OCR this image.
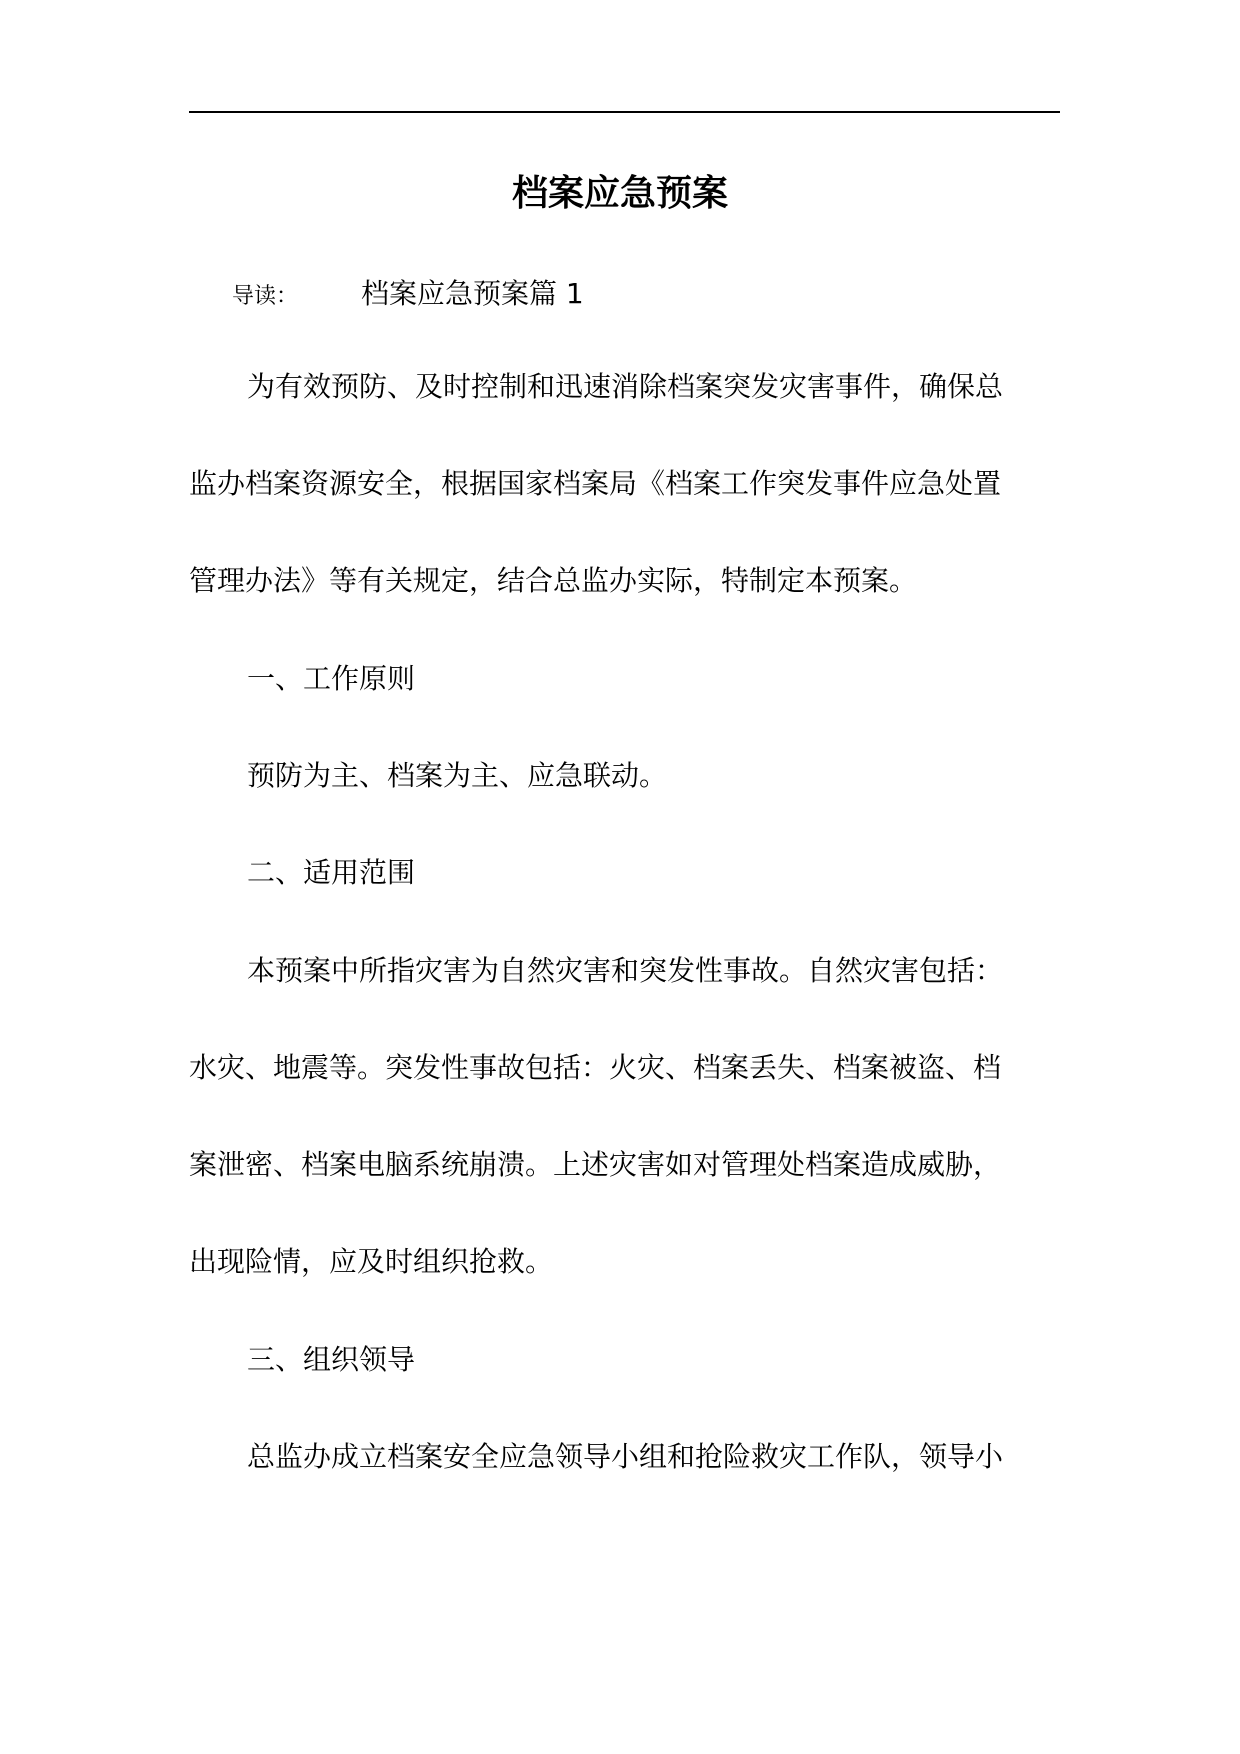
档案应急预案
导读： 档案应急预案篇 1
为有效预防、及时控制和迅速消除档案突发灾害事件，确保总
监办档案资源安全，根据国家档案局《档案工作突发事件应急处置
管理办法》等有关规定，结合总监办实际，特制定本预案。
一、工作原则
预防为主、档案为主、应急联动。
二、适用范围
本预案中所指灾害为自然灾害和突发性事故。自然灾害包括：
水灾、地震等。突发性事故包括：火灾、档案丢失、档案被盗、档
案泄密、档案电脑系统崩溃。上述灾害如对管理处档案造成威胁，
出现险情，应及时组织抢救。
三、组织领导
总监办成立档案安全应急领导小组和抢险救灾工作队，领导小
